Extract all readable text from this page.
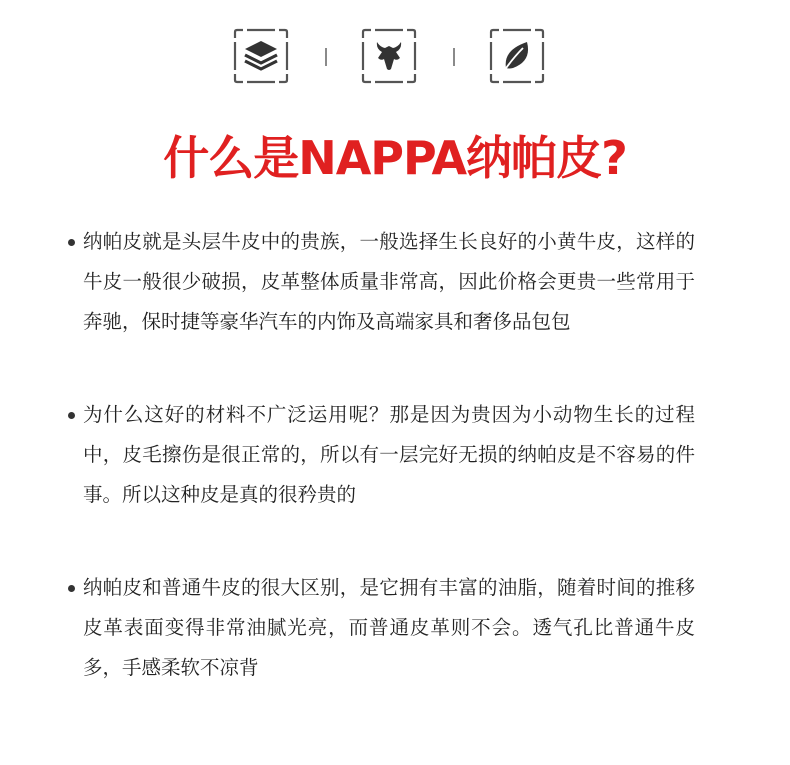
什么是NAPPA纳帕皮?

纳帕皮就是头层牛皮中的贵族，一般选择生长良好的小黄牛皮，这样的牛皮一般很少破损，皮革整体质量非常高，因此价格会更贵一些常用于奔驰，保时捷等豪华汽车的内饰及高端家具和奢侈品包包

为什么这好的材料不广泛运用呢？那是因为贵因为小动物生长的过程中，皮毛擦伤是很正常的，所以有一层完好无损的纳帕皮是不容易的件事。所以这种皮是真的很矜贵的

纳帕皮和普通牛皮的很大区别，是它拥有丰富的油脂，随着时间的推移皮革表面变得非常油腻光亮，而普通皮革则不会。透气孔比普通牛皮多，手感柔软不凉背
